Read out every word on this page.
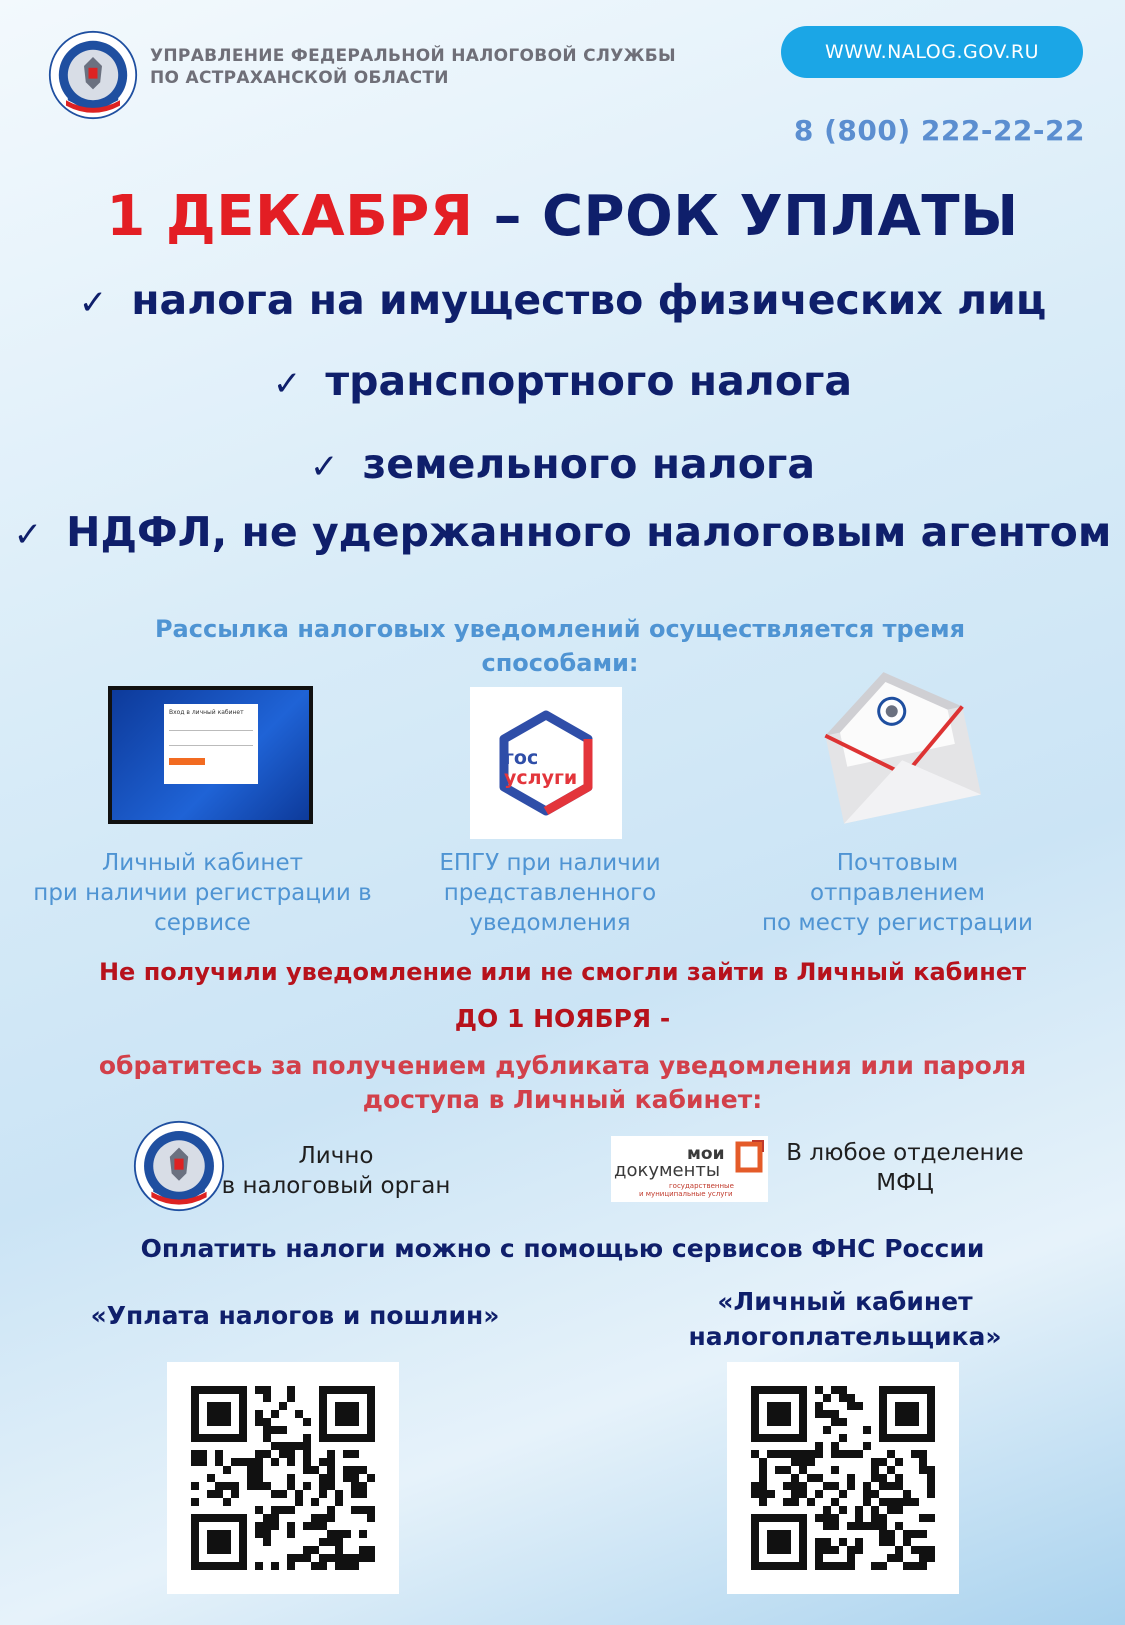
УПРАВЛЕНИЕ ФЕДЕРАЛЬНОЙ НАЛОГОВОЙ СЛУЖБЫ
ПО АСТРАХАНСКОЙ ОБЛАСТИ
WWW.NALOG.GOV.RU
8 (800) 222-22-22
1 ДЕКАБРЯ – СРОК УПЛАТЫ
✓ налога на имущество физических лиц
✓ транспортного налога
✓ земельного налога
✓ НДФЛ, не удержанного налоговым агентом
Рассылка налоговых уведомлений осуществляется тремя
способами:
Вход в личный кабинет
Личный кабинет
при наличии регистрации в
сервисе
гос
услуги
ЕПГУ при наличии
представленного
уведомления
Почтовым
отправлением
по месту регистрации
Не получили уведомление или не смогли зайти в Личный кабинет
ДО 1 НОЯБРЯ -
обратитесь за получением дубликата уведомления или пароля
доступа в Личный кабинет:
Лично
в налоговый орган
мои
документы
государственные
и муниципальные услуги
В любое отделение
МФЦ
Оплатить налоги можно с помощью сервисов ФНС России
«Уплата налогов и пошлин»	«Личный кабинет
налогоплательщика»
